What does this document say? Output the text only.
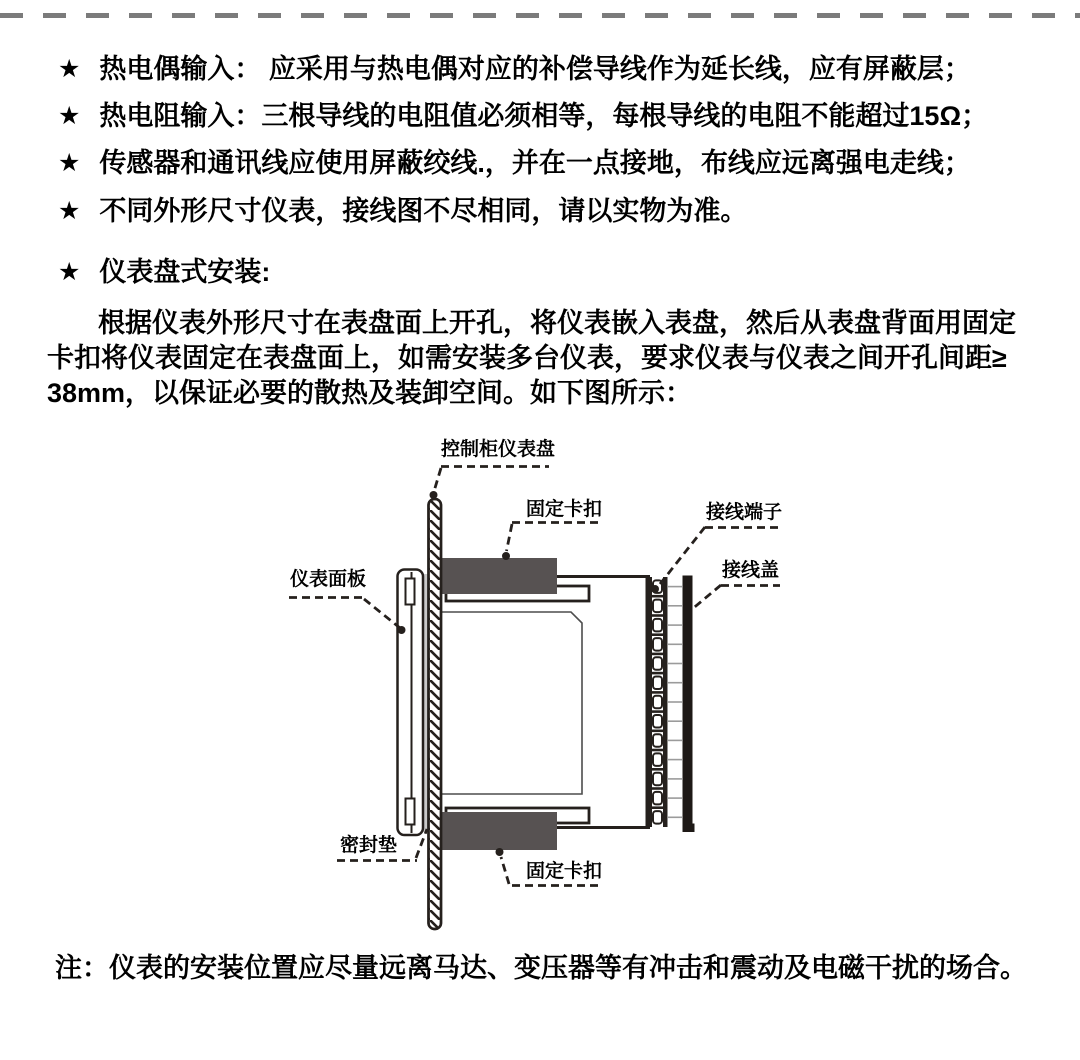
★ 热电偶输入： 应采用与热电偶对应的补偿导线作为延长线，应有屏蔽层；
★ 热电阻输入：三根导线的电阻值必须相等，每根导线的电阻不能超过15Ω；
★ 传感器和通讯线应使用屏蔽绞线.，并在一点接地，布线应远离强电走线；
★ 不同外形尺寸仪表，接线图不尽相同，请以实物为准。
★ 仪表盘式安装:
根据仪表外形尺寸在表盘面上开孔，将仪表嵌入表盘，然后从表盘背面用固定
卡扣将仪表固定在表盘面上，如需安装多台仪表，要求仪表与仪表之间开孔间距≥
38mm，以保证必要的散热及装卸空间。如下图所示：
控制柜仪表盘
固定卡扣	接线端子
接线盖
仪表面板
密封垫
固定卡扣
注：仪表的安装位置应尽量远离马达、变压器等有冲击和震动及电磁干扰的场合。
